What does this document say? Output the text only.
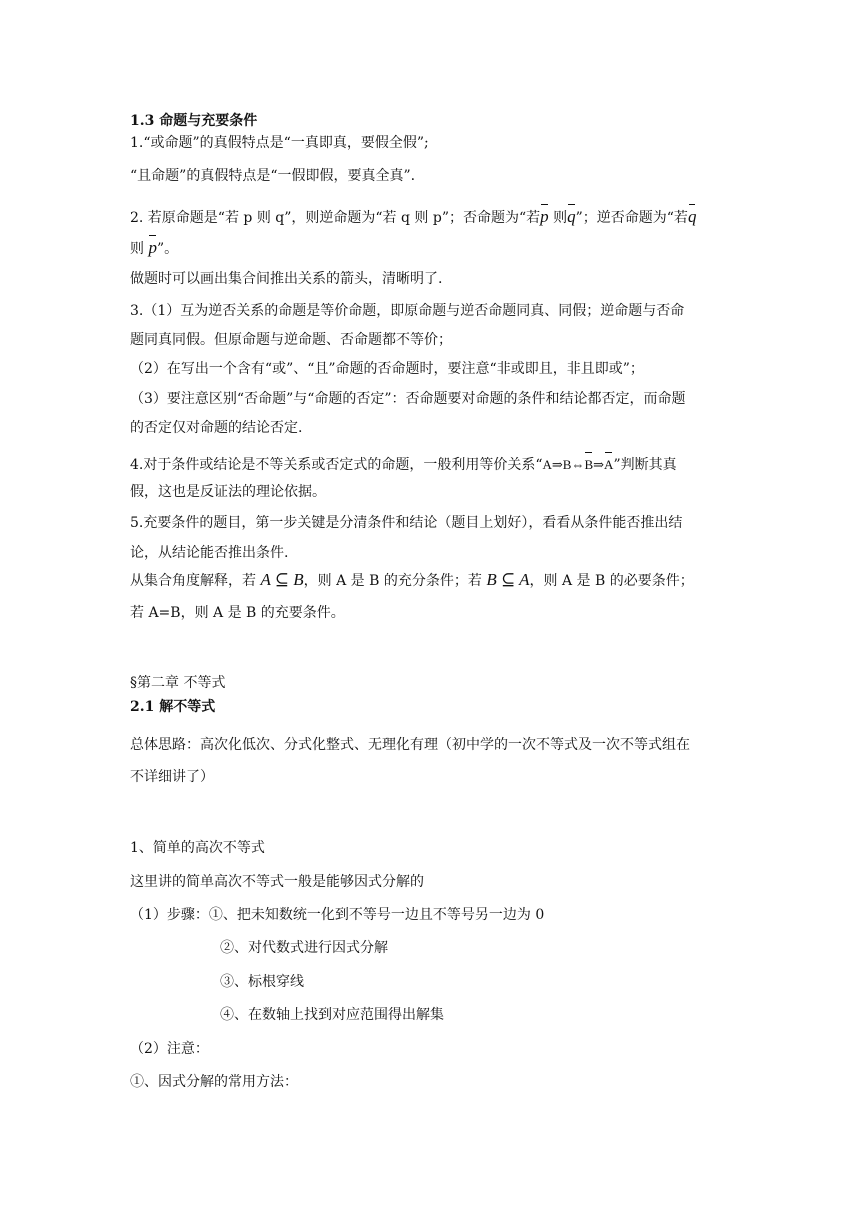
1.3 命题与充要条件
1.“或命题”的真假特点是“一真即真，要假全假”;
“且命题”的真假特点是“一假即假，要真全真”.
2. 若原命题是“若 p 则 q”，则逆命题为“若 q 则 p”；否命题为“若p 则q”；逆否命题为“若q
则 p”。
做题时可以画出集合间推出关系的箭头，清晰明了.
3.（1）互为逆否关系的命题是等价命题，即原命题与逆否命题同真、同假；逆命题与否命
题同真同假。但原命题与逆命题、否命题都不等价；
（2）在写出一个含有“或”、“且”命题的否命题时，要注意“非或即且，非且即或”；
（3）要注意区别“否命题”与“命题的否定”：否命题要对命题的条件和结论都否定，而命题
的否定仅对命题的结论否定.
4.对于条件或结论是不等关系或否定式的命题，一般利用等价关系“A⇒B⇔B⇒A”判断其真
假，这也是反证法的理论依据。
5.充要条件的题目，第一步关键是分清条件和结论（题目上划好），看看从条件能否推出结
论，从结论能否推出条件.
从集合角度解释，若 A ⊆ B，则 A 是 B 的充分条件；若 B ⊆ A，则 A 是 B 的必要条件；
若 A=B，则 A 是 B 的充要条件。
§第二章 不等式
2.1 解不等式
总体思路：高次化低次、分式化整式、无理化有理（初中学的一次不等式及一次不等式组在
不详细讲了）
1、简单的高次不等式
这里讲的简单高次不等式一般是能够因式分解的
（1）步骤：①、把未知数统一化到不等号一边且不等号另一边为 0
②、对代数式进行因式分解
③、标根穿线
④、在数轴上找到对应范围得出解集
（2）注意：
①、因式分解的常用方法：
